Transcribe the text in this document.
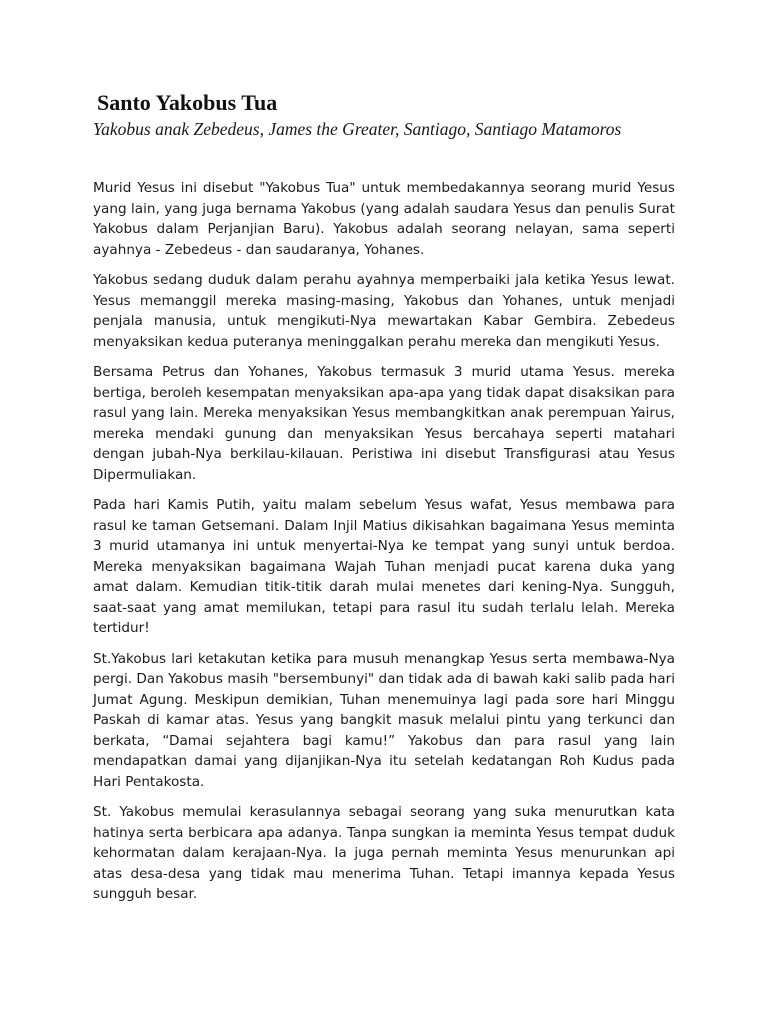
Santo Yakobus Tua

Yakobus anak Zebedeus, James the Greater, Santiago, Santiago Matamoros

Murid Yesus ini disebut "Yakobus Tua" untuk membedakannya seorang murid Yesus yang lain, yang juga bernama Yakobus (yang adalah saudara Yesus dan penulis Surat Yakobus dalam Perjanjian Baru). Yakobus adalah seorang nelayan, sama seperti ayahnya - Zebedeus - dan saudaranya, Yohanes.

Yakobus sedang duduk dalam perahu ayahnya memperbaiki jala ketika Yesus lewat. Yesus memanggil mereka masing-masing, Yakobus dan Yohanes, untuk menjadi penjala manusia, untuk mengikuti-Nya mewartakan Kabar Gembira. Zebedeus menyaksikan kedua puteranya meninggalkan perahu mereka dan mengikuti Yesus.

Bersama Petrus dan Yohanes, Yakobus termasuk 3 murid utama Yesus. mereka bertiga, beroleh kesempatan menyaksikan apa-apa yang tidak dapat disaksikan para rasul yang lain. Mereka menyaksikan Yesus membangkitkan anak perempuan Yairus, mereka mendaki gunung dan menyaksikan Yesus bercahaya seperti matahari dengan jubah-Nya berkilau-kilauan. Peristiwa ini disebut Transfigurasi atau Yesus Dipermuliakan.

Pada hari Kamis Putih, yaitu malam sebelum Yesus wafat, Yesus membawa para rasul ke taman Getsemani. Dalam Injil Matius dikisahkan bagaimana Yesus meminta 3 murid utamanya ini untuk menyertai-Nya ke tempat yang sunyi untuk berdoa. Mereka menyaksikan bagaimana Wajah Tuhan menjadi pucat karena duka yang amat dalam. Kemudian titik-titik darah mulai menetes dari kening-Nya. Sungguh, saat-saat yang amat memilukan, tetapi para rasul itu sudah terlalu lelah. Mereka tertidur!

St.Yakobus lari ketakutan ketika para musuh menangkap Yesus serta membawa-Nya pergi. Dan Yakobus masih "bersembunyi" dan tidak ada di bawah kaki salib pada hari Jumat Agung. Meskipun demikian, Tuhan menemuinya lagi pada sore hari Minggu Paskah di kamar atas. Yesus yang bangkit masuk melalui pintu yang terkunci dan berkata, “Damai sejahtera bagi kamu!” Yakobus dan para rasul yang lain mendapatkan damai yang dijanjikan-Nya itu setelah kedatangan Roh Kudus pada Hari Pentakosta.

St. Yakobus memulai kerasulannya sebagai seorang yang suka menurutkan kata hatinya serta berbicara apa adanya. Tanpa sungkan ia meminta Yesus tempat duduk kehormatan dalam kerajaan-Nya. Ia juga pernah meminta Yesus menurunkan api atas desa-desa yang tidak mau menerima Tuhan. Tetapi imannya kepada Yesus sungguh besar.
